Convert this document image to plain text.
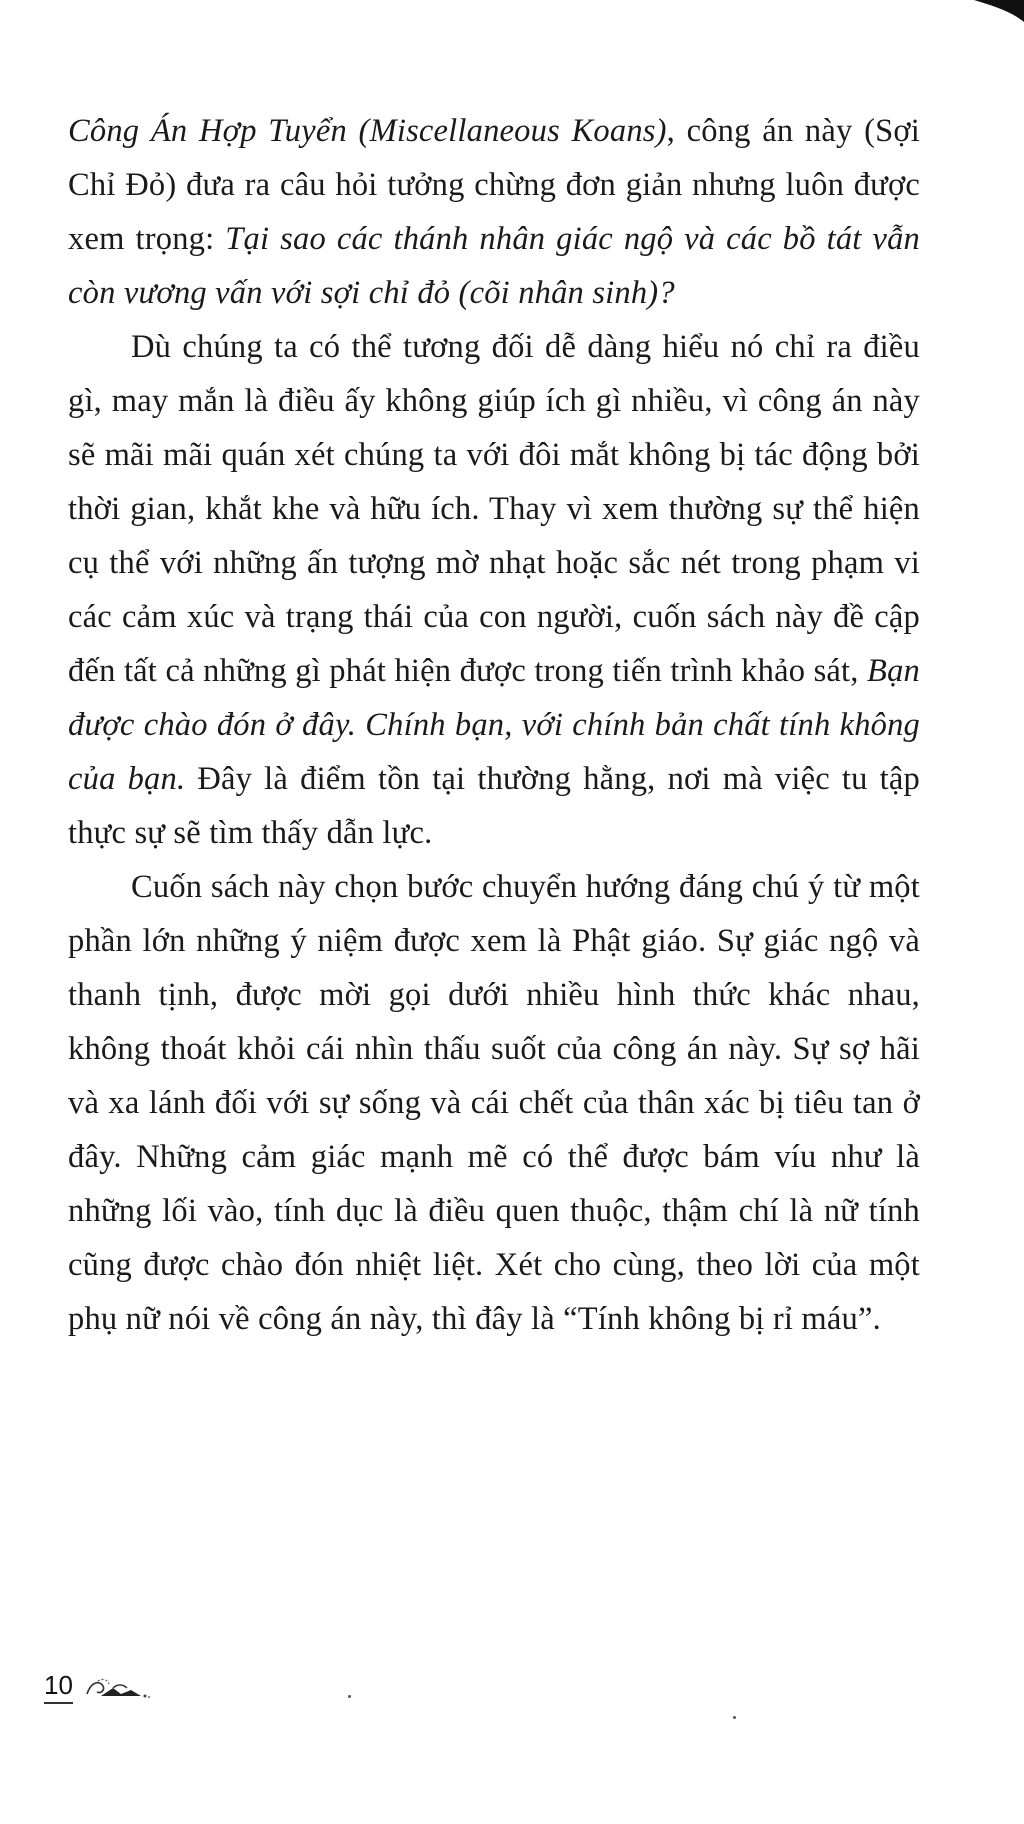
Công Án Hợp Tuyển (Miscellaneous Koans), công án này (Sợi Chỉ Đỏ) đưa ra câu hỏi tưởng chừng đơn giản nhưng luôn được xem trọng: Tại sao các thánh nhân giác ngộ và các bồ tát vẫn còn vương vấn với sợi chỉ đỏ (cõi nhân sinh)?

Dù chúng ta có thể tương đối dễ dàng hiểu nó chỉ ra điều gì, may mắn là điều ấy không giúp ích gì nhiều, vì công án này sẽ mãi mãi quán xét chúng ta với đôi mắt không bị tác động bởi thời gian, khắt khe và hữu ích. Thay vì xem thường sự thể hiện cụ thể với những ấn tượng mờ nhạt hoặc sắc nét trong phạm vi các cảm xúc và trạng thái của con người, cuốn sách này đề cập đến tất cả những gì phát hiện được trong tiến trình khảo sát, Bạn được chào đón ở đây. Chính bạn, với chính bản chất tính không của bạn. Đây là điểm tồn tại thường hằng, nơi mà việc tu tập thực sự sẽ tìm thấy dẫn lực.

Cuốn sách này chọn bước chuyển hướng đáng chú ý từ một phần lớn những ý niệm được xem là Phật giáo. Sự giác ngộ và thanh tịnh, được mời gọi dưới nhiều hình thức khác nhau, không thoát khỏi cái nhìn thấu suốt của công án này. Sự sợ hãi và xa lánh đối với sự sống và cái chết của thân xác bị tiêu tan ở đây. Những cảm giác mạnh mẽ có thể được bám víu như là những lối vào, tính dục là điều quen thuộc, thậm chí là nữ tính cũng được chào đón nhiệt liệt. Xét cho cùng, theo lời của một phụ nữ nói về công án này, thì đây là “Tính không bị rỉ máu”.

10
